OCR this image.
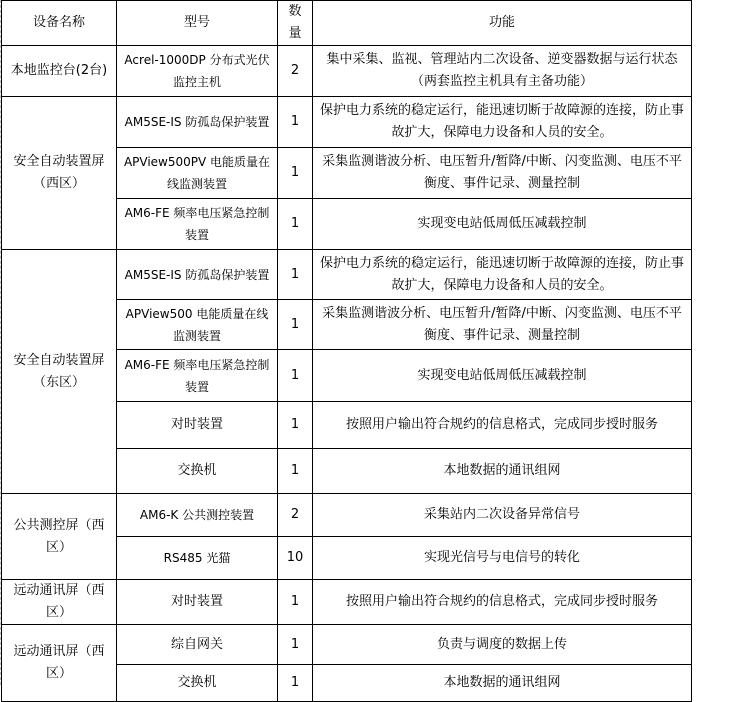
设备名称	型号	数量	功能
本地监控台(2台)	Acrel-1000DP 分布式光伏监控主机	2	集中采集、监视、管理站内二次设备、逆变器数据与运行状态（两套监控主机具有主备功能）
安全自动装置屏（西区）	AM5SE-IS 防孤岛保护装置	1	保护电力系统的稳定运行，能迅速切断于故障源的连接，防止事故扩大，保障电力设备和人员的安全。
	APView500PV 电能质量在线监测装置	1	采集监测谐波分析、电压暂升/暂降/中断、闪变监测、电压不平衡度、事件记录、测量控制
	AM6-FE 频率电压紧急控制装置	1	实现变电站低周低压减载控制
安全自动装置屏（东区）	AM5SE-IS 防孤岛保护装置	1	保护电力系统的稳定运行，能迅速切断于故障源的连接，防止事故扩大，保障电力设备和人员的安全。
	APView500 电能质量在线监测装置	1	采集监测谐波分析、电压暂升/暂降/中断、闪变监测、电压不平衡度、事件记录、测量控制
	AM6-FE 频率电压紧急控制装置	1	实现变电站低周低压减载控制
	对时装置	1	按照用户输出符合规约的信息格式，完成同步授时服务
	交换机	1	本地数据的通讯组网
公共测控屏（西区）	AM6-K 公共测控装置	2	采集站内二次设备异常信号
	RS485 光猫	10	实现光信号与电信号的转化
远动通讯屏（西区）	对时装置	1	按照用户输出符合规约的信息格式，完成同步授时服务
远动通讯屏（西区）	综自网关	1	负责与调度的数据上传
	交换机	1	本地数据的通讯组网
